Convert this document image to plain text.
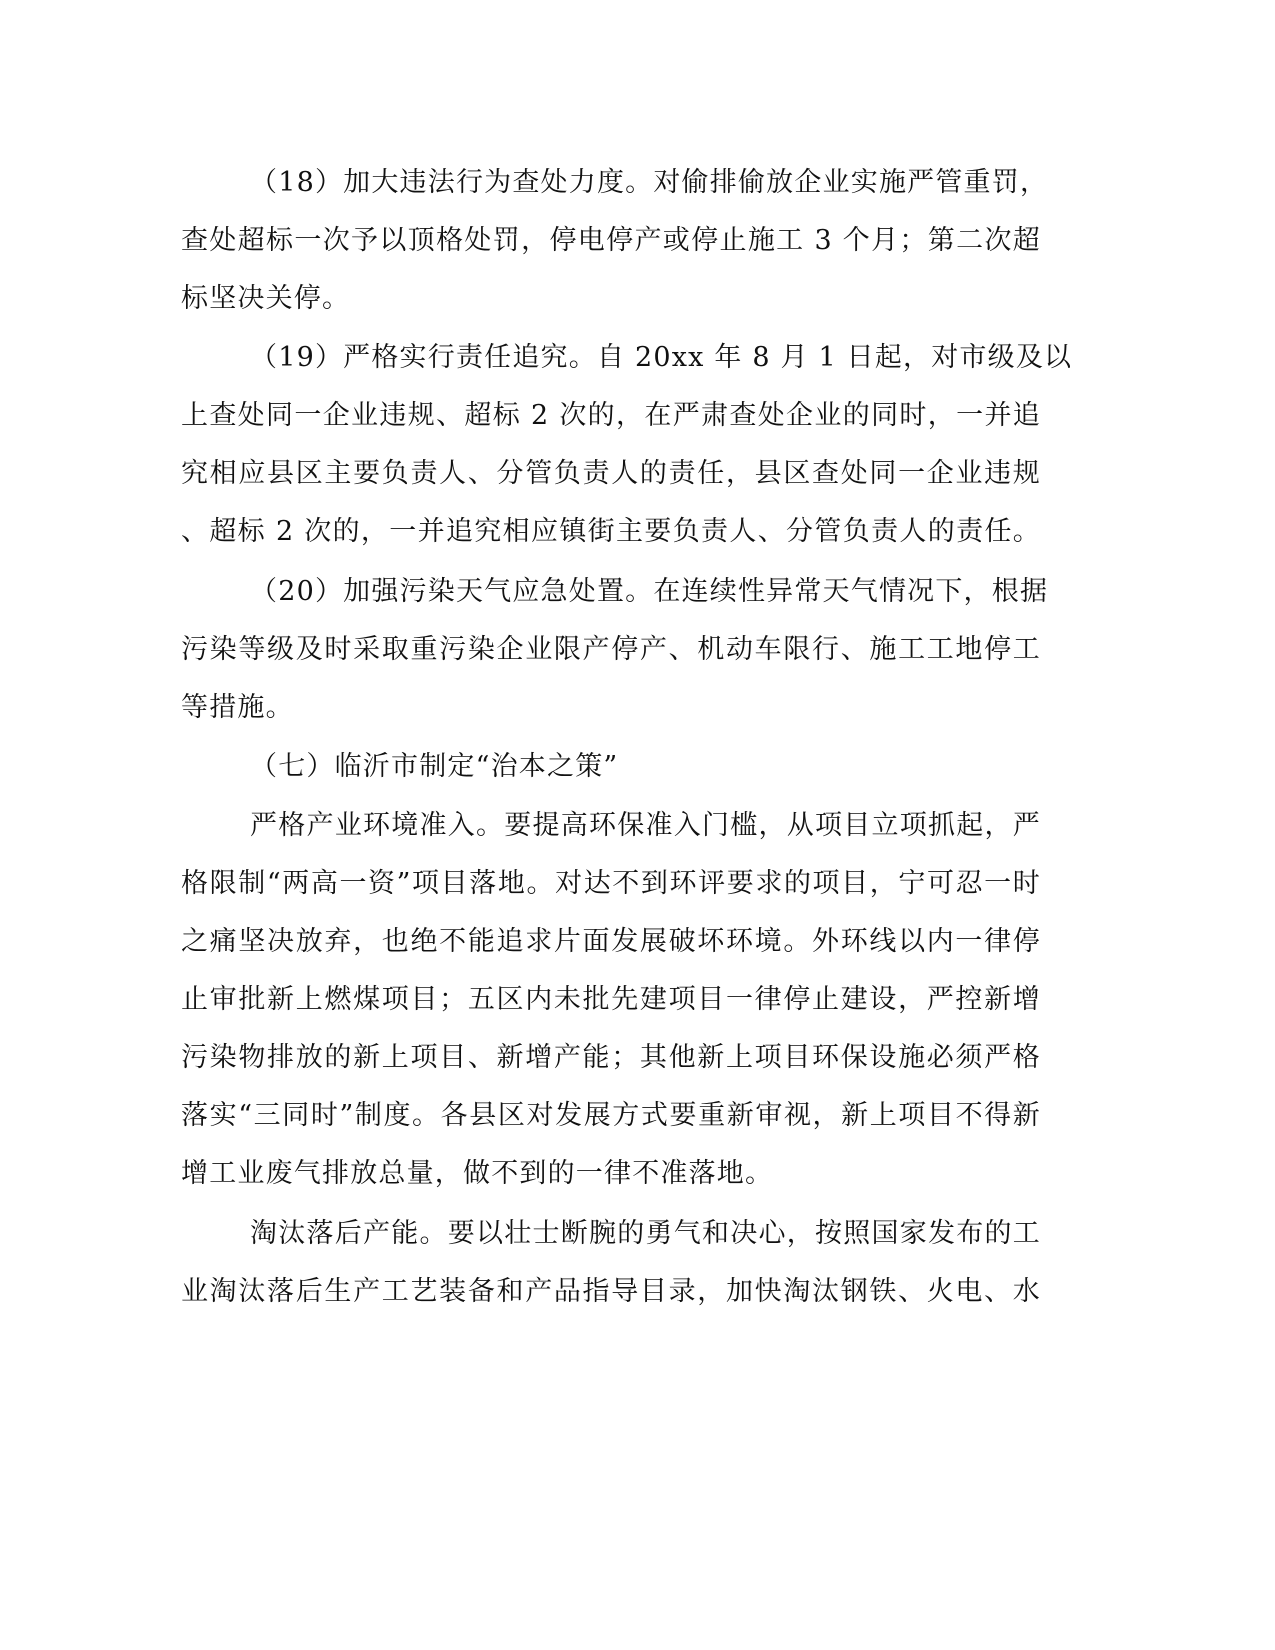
（18）加大违法行为查处力度。对偷排偷放企业实施严管重罚，
查处超标一次予以顶格处罚，停电停产或停止施工 3 个月；第二次超
标坚决关停。
（19）严格实行责任追究。自 20xx 年 8 月 1 日起，对市级及以
上查处同一企业违规、超标 2 次的，在严肃查处企业的同时，一并追
究相应县区主要负责人、分管负责人的责任，县区查处同一企业违规
、超标 2 次的，一并追究相应镇街主要负责人、分管负责人的责任。
（20）加强污染天气应急处置。在连续性异常天气情况下，根据
污染等级及时采取重污染企业限产停产、机动车限行、施工工地停工
等措施。
（七）临沂市制定“治本之策”
严格产业环境准入。要提高环保准入门槛，从项目立项抓起，严
格限制“两高一资”项目落地。对达不到环评要求的项目，宁可忍一时
之痛坚决放弃，也绝不能追求片面发展破坏环境。外环线以内一律停
止审批新上燃煤项目；五区内未批先建项目一律停止建设，严控新增
污染物排放的新上项目、新增产能；其他新上项目环保设施必须严格
落实“三同时”制度。各县区对发展方式要重新审视，新上项目不得新
增工业废气排放总量，做不到的一律不准落地。
淘汰落后产能。要以壮士断腕的勇气和决心，按照国家发布的工
业淘汰落后生产工艺装备和产品指导目录，加快淘汰钢铁、火电、水
